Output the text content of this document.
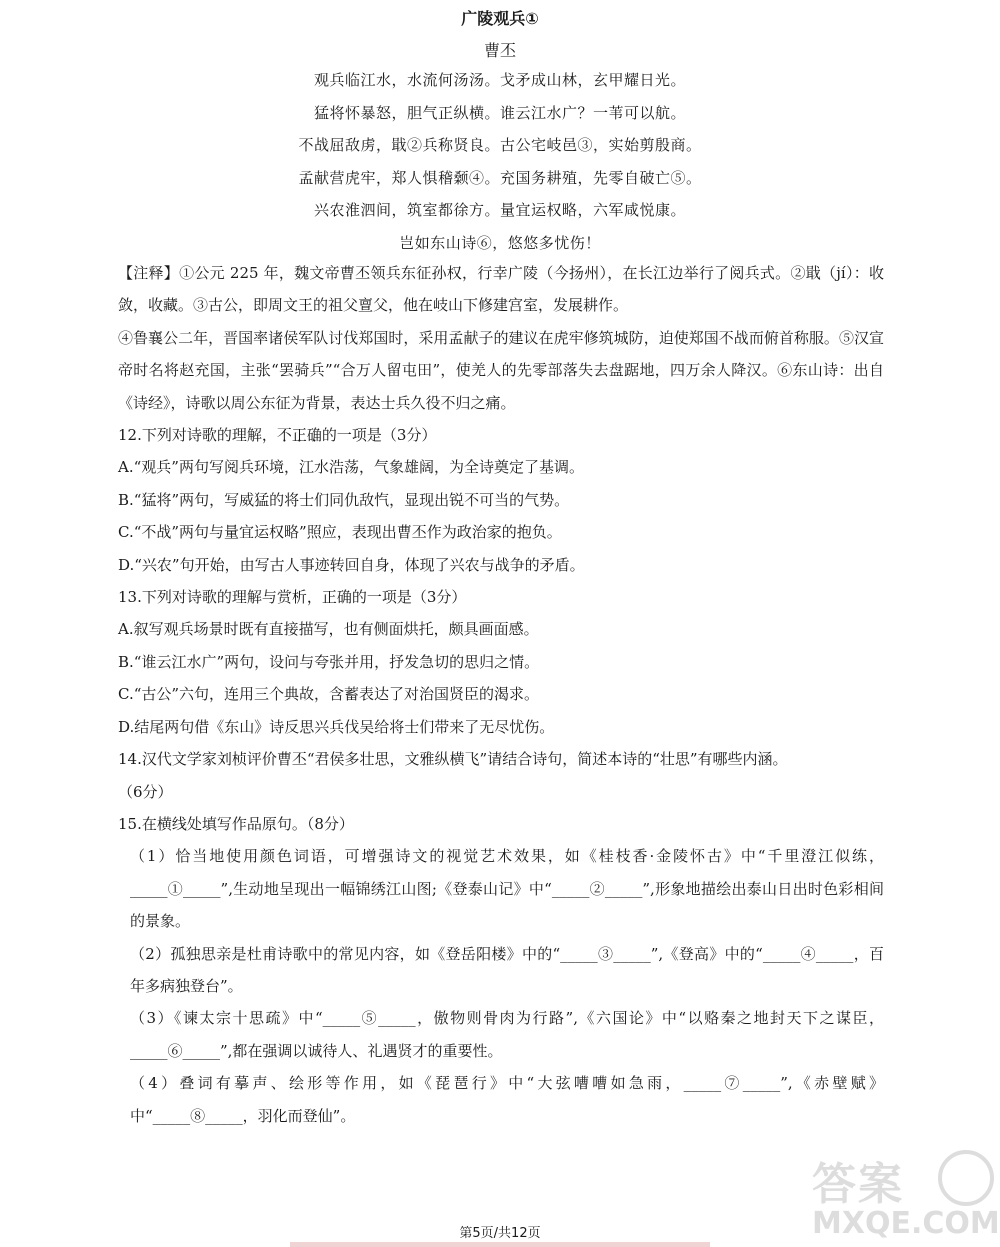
广陵观兵①
曹丕
观兵临江水，水流何汤汤。戈矛成山林，玄甲耀日光。
猛将怀暴怒，胆气正纵横。谁云江水广？一苇可以航。
不战屈敌虏，戢②兵称贤良。古公宅岐邑③，实始剪殷商。
孟献营虎牢，郑人惧稽颡④。充国务耕殖，先零自破亡⑤。
兴农淮泗间，筑室都徐方。量宜运权略，六军咸悦康。
岂如东山诗⑥，悠悠多忧伤！

【注释】①公元 225 年，魏文帝曹丕领兵东征孙权，行幸广陵（今扬州），在长江边举行了阅兵式。②戢（jí）：收敛，收藏。③古公，即周文王的祖父亶父，他在岐山下修建宫室，发展耕作。

④鲁襄公二年，晋国率诸侯军队讨伐郑国时，采用孟献子的建议在虎牢修筑城防，迫使郑国不战而俯首称服。⑤汉宣帝时名将赵充国，主张“罢骑兵”“合万人留屯田”，使羌人的先零部落失去盘踞地，四万余人降汉。⑥东山诗：出自《诗经》，诗歌以周公东征为背景，表达士兵久役不归之痛。

12.下列对诗歌的理解，不正确的一项是（3分）

A.“观兵”两句写阅兵环境，江水浩荡，气象雄阔，为全诗奠定了基调。

B.“猛将”两句，写威猛的将士们同仇敌忾，显现出锐不可当的气势。

C.“不战”两句与量宜运权略”照应，表现出曹丕作为政治家的抱负。

D.“兴农”句开始，由写古人事迹转回自身，体现了兴农与战争的矛盾。

13.下列对诗歌的理解与赏析，正确的一项是（3分）

A.叙写观兵场景时既有直接描写，也有侧面烘托，颇具画面感。

B.“谁云江水广”两句，设问与夸张并用，抒发急切的思归之情。

C.“古公”六句，连用三个典故，含蓄表达了对治国贤臣的渴求。

D.结尾两句借《东山》诗反思兴兵伐吴给将士们带来了无尽忧伤。

14.汉代文学家刘桢评价曹丕“君侯多壮思，文雅纵横飞”请结合诗句，简述本诗的“壮思”有哪些内涵。

（6分）

15.在横线处填写作品原句。（8分）

（1）恰当地使用颜色词语，可增强诗文的视觉艺术效果，如《桂枝香·金陵怀古》中“千里澄江似练，_____①_____”,生动地呈现出一幅锦绣江山图;《登泰山记》中“_____②_____”,形象地描绘出泰山日出时色彩相间的景象。

（2）孤独思亲是杜甫诗歌中的常见内容，如《登岳阳楼》中的“_____③_____”,《登高》中的“_____④_____，百年多病独登台”。

（3）《谏太宗十思疏》中“_____⑤_____，傲物则骨肉为行路”,《六国论》中“以赂秦之地封天下之谋臣，_____⑥_____”,都在强调以诚待人、礼遇贤才的重要性。

（4）叠词有摹声、绘形等作用，如《琵琶行》中“大弦嘈嘈如急雨，_____⑦_____”,《赤壁赋》中“_____⑧_____，羽化而登仙”。

答案
MXQE.COM
第5页/共12页
